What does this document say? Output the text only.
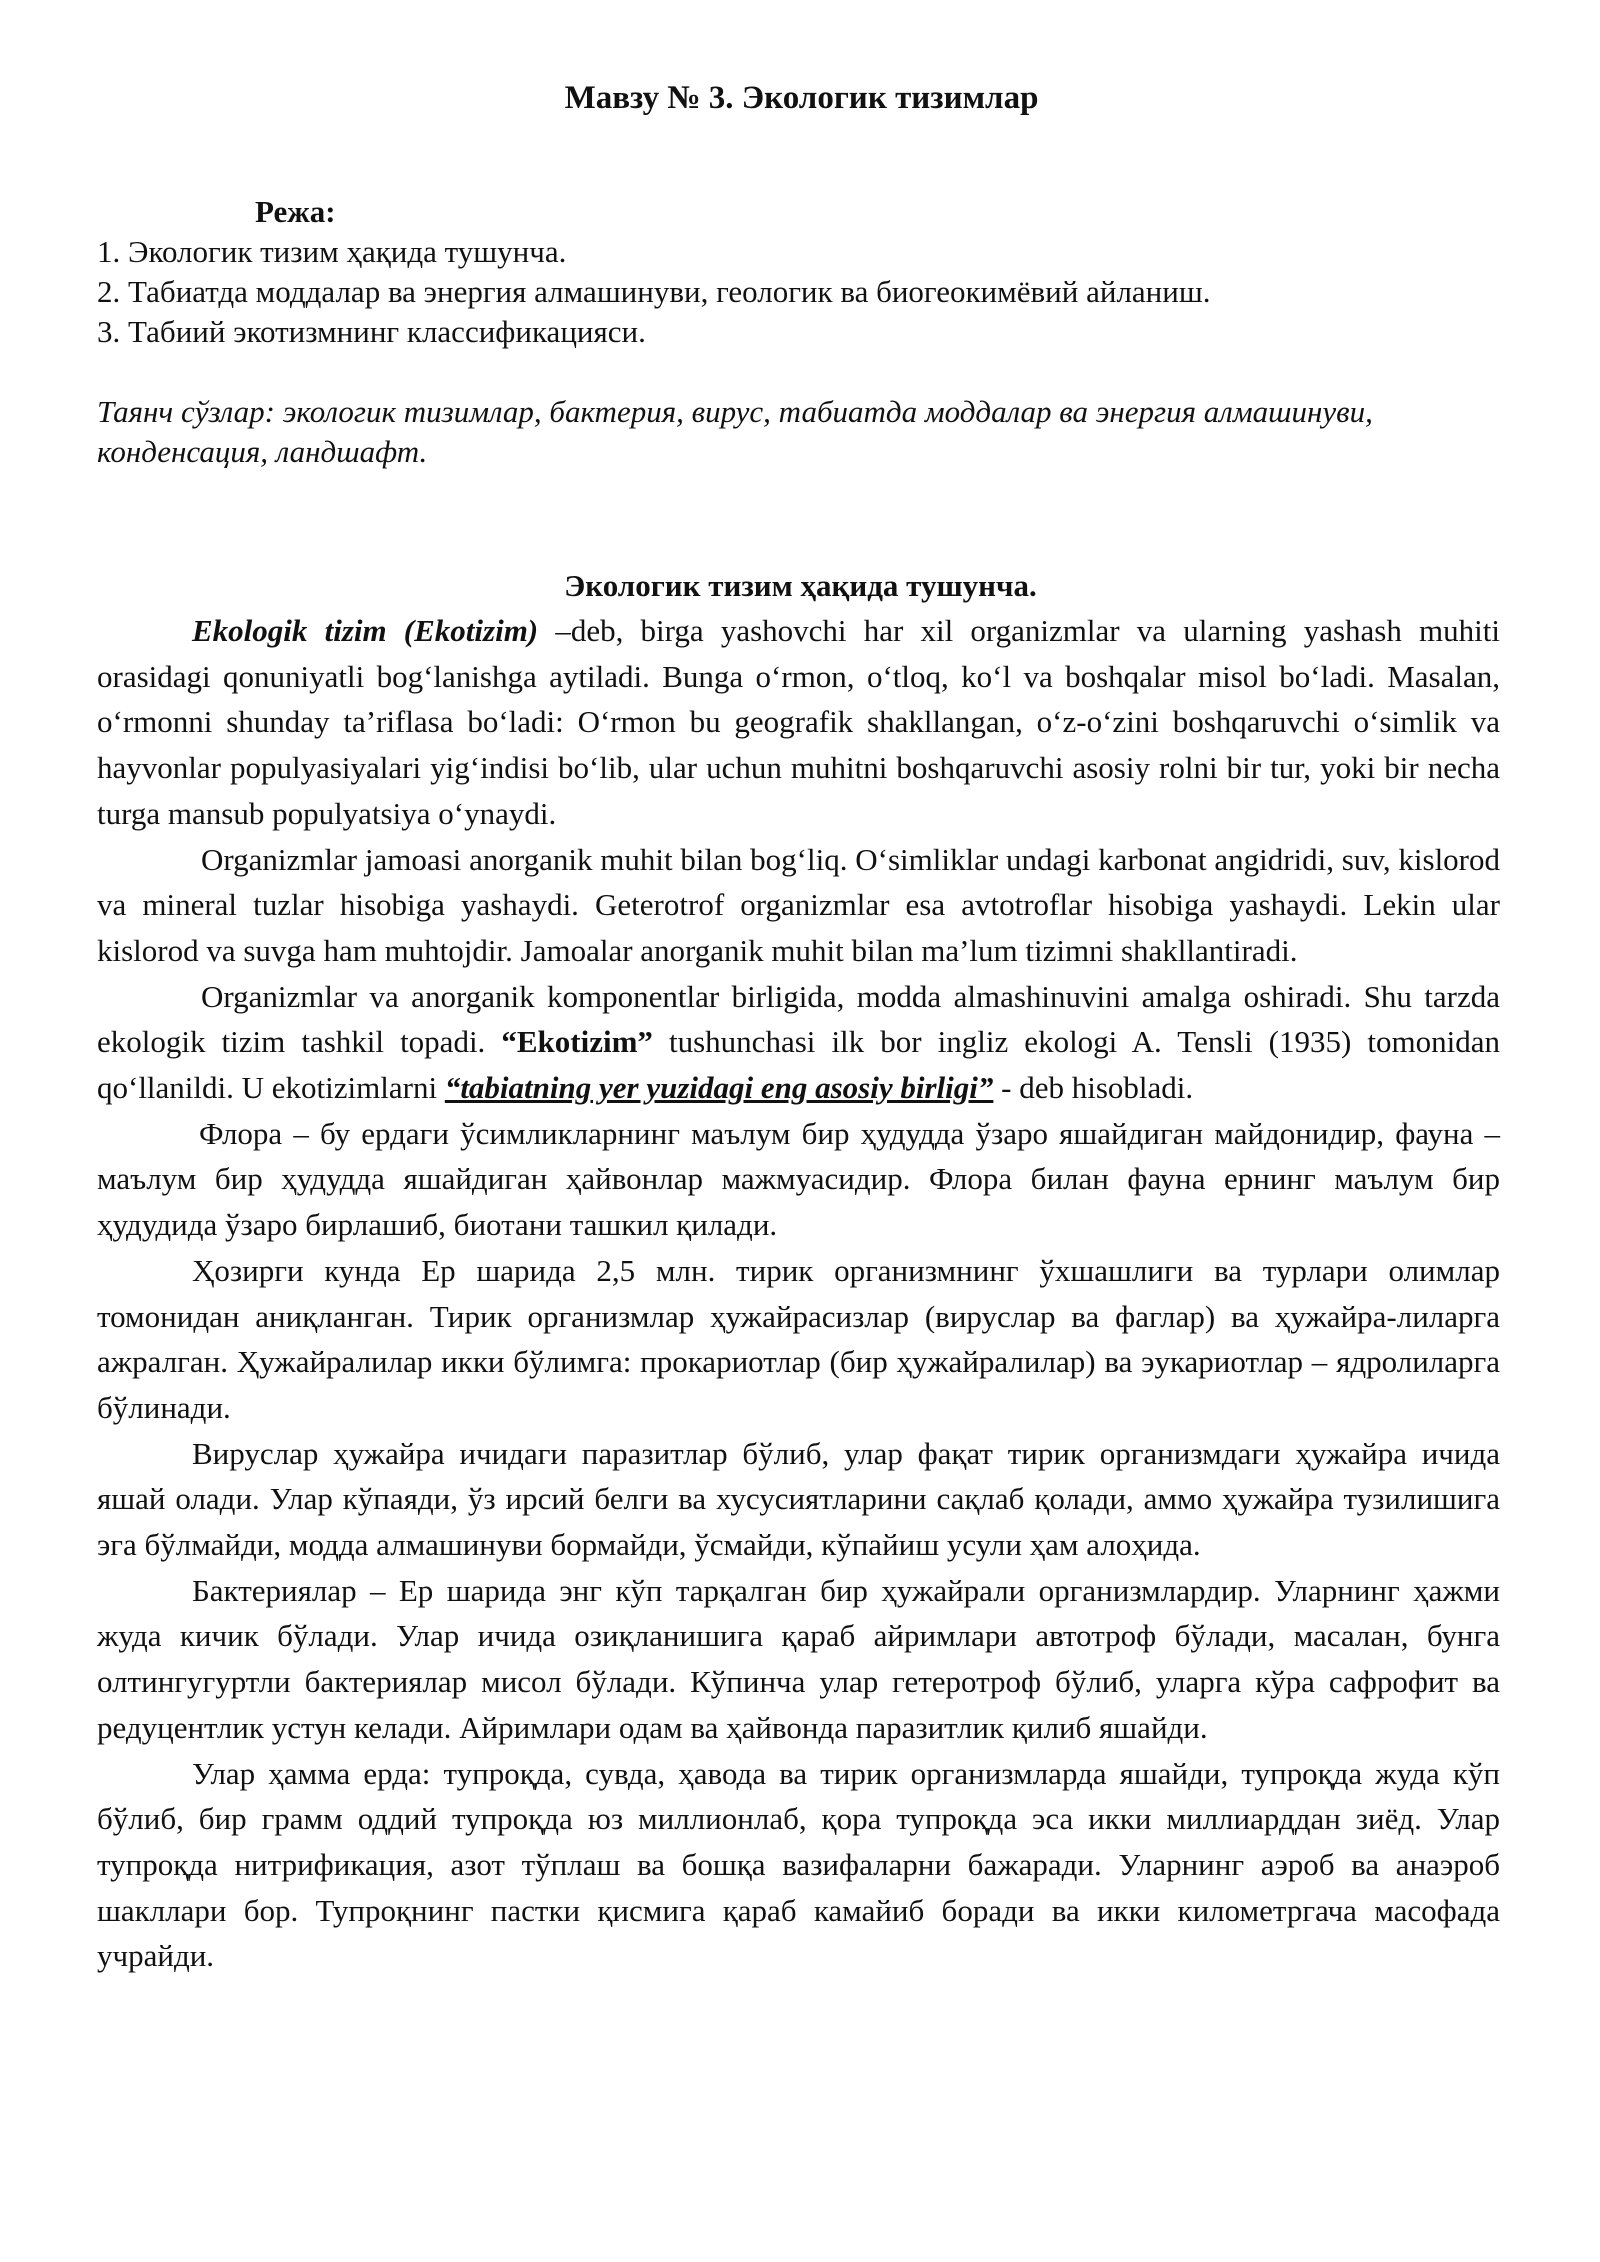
Мавзу № 3. Экологик тизимлар
Режа:
1. Экологик тизим ҳақида тушунча.
2. Табиатда моддалар ва энергия алмашинуви, геологик ва биогеокимёвий айланиш.
3. Табиий экотизмнинг классификацияси.
Таянч сўзлар: экологик тизимлар, бактерия, вирус, табиатда моддалар ва энергия алмашинуви, конденсация, ландшафт.
Экологик тизим ҳақида тушунча.

Ekologik tizim (Ekotizim) –deb, birga yashovchi har xil organizmlar va ularning yashash muhiti orasidagi qonuniyatli bog‘lanishga aytiladi. Bunga o‘rmon, o‘tloq, ko‘l va boshqalar misol bo‘ladi. Masalan, o‘rmonni shunday ta’riflasa bo‘ladi: O‘rmon bu geografik shakllangan, o‘z-o‘zini boshqaruvchi o‘simlik va hayvonlar populyasiyalari yig‘indisi bo‘lib, ular uchun muhitni boshqaruvchi asosiy rolni bir tur, yoki bir necha turga mansub populyatsiya o‘ynaydi.

Organizmlar jamoasi anorganik muhit bilan bog‘liq. O‘simliklar undagi karbonat angidridi, suv, kislorod va mineral tuzlar hisobiga yashaydi. Geterotrof organizmlar esa avtotroflar hisobiga yashaydi. Lekin ular kislorod va suvga ham muhtojdir. Jamoalar anorganik muhit bilan ma’lum tizimni shakllantiradi.

Organizmlar va anorganik komponentlar birligida, modda almashinuvini amalga oshiradi. Shu tarzda ekologik tizim tashkil topadi. “Ekotizim” tushunchasi ilk bor ingliz ekologi A. Tensli (1935) tomonidan qo‘llanildi. U ekotizimlarni “tabiatning yer yuzidagi eng asosiy birligi” - deb hisobladi.

Флора – бу ердаги ўсимликларнинг маълум бир ҳудудда ўзаро яшайдиган майдонидир, фауна – маълум бир ҳудудда яшайдиган ҳайвонлар мажмуасидир. Флора билан фауна ернинг маълум бир ҳудудида ўзаро бирлашиб, биотани ташкил қилади.

Ҳозирги кунда Ер шарида 2,5 млн. тирик организмнинг ўхшашлиги ва турлари олимлар томонидан аниқланган. Тирик организмлар ҳужайрасизлар (вируслар ва фаглар) ва ҳужайра-лиларга ажралган. Ҳужайралилар икки бўлимга: прокариотлар (бир ҳужайралилар) ва эукариотлар – ядролиларга бўлинади.

Вируслар ҳужайра ичидаги паразитлар бўлиб, улар фақат тирик организмдаги ҳужайра ичида яшай олади. Улар кўпаяди, ўз ирсий белги ва хусусиятларини сақлаб қолади, аммо ҳужайра тузилишига эга бўлмайди, модда алмашинуви бормайди, ўсмайди, кўпайиш усули ҳам алоҳида.

Бактериялар – Ер шарида энг кўп тарқалган бир ҳужайрали организмлардир. Уларнинг ҳажми жуда кичик бўлади. Улар ичида озиқланишига қараб айримлари автотроф бўлади, масалан, бунга олтингугуртли бактериялар мисол бўлади. Кўпинча улар гетеротроф бўлиб, уларга кўра сафрофит ва редуцентлик устун келади. Айримлари одам ва ҳайвонда паразитлик қилиб яшайди.

Улар ҳамма ерда: тупроқда, сувда, ҳавода ва тирик организмларда яшайди, тупроқда жуда кўп бўлиб, бир грамм оддий тупроқда юз миллионлаб, қора тупроқда эса икки миллиарддан зиёд. Улар тупроқда нитрификация, азот тўплаш ва бошқа вазифаларни бажаради. Уларнинг аэроб ва анаэроб шакллари бор. Тупроқнинг пастки қисмига қараб камайиб боради ва икки километргача масофада учрайди.
